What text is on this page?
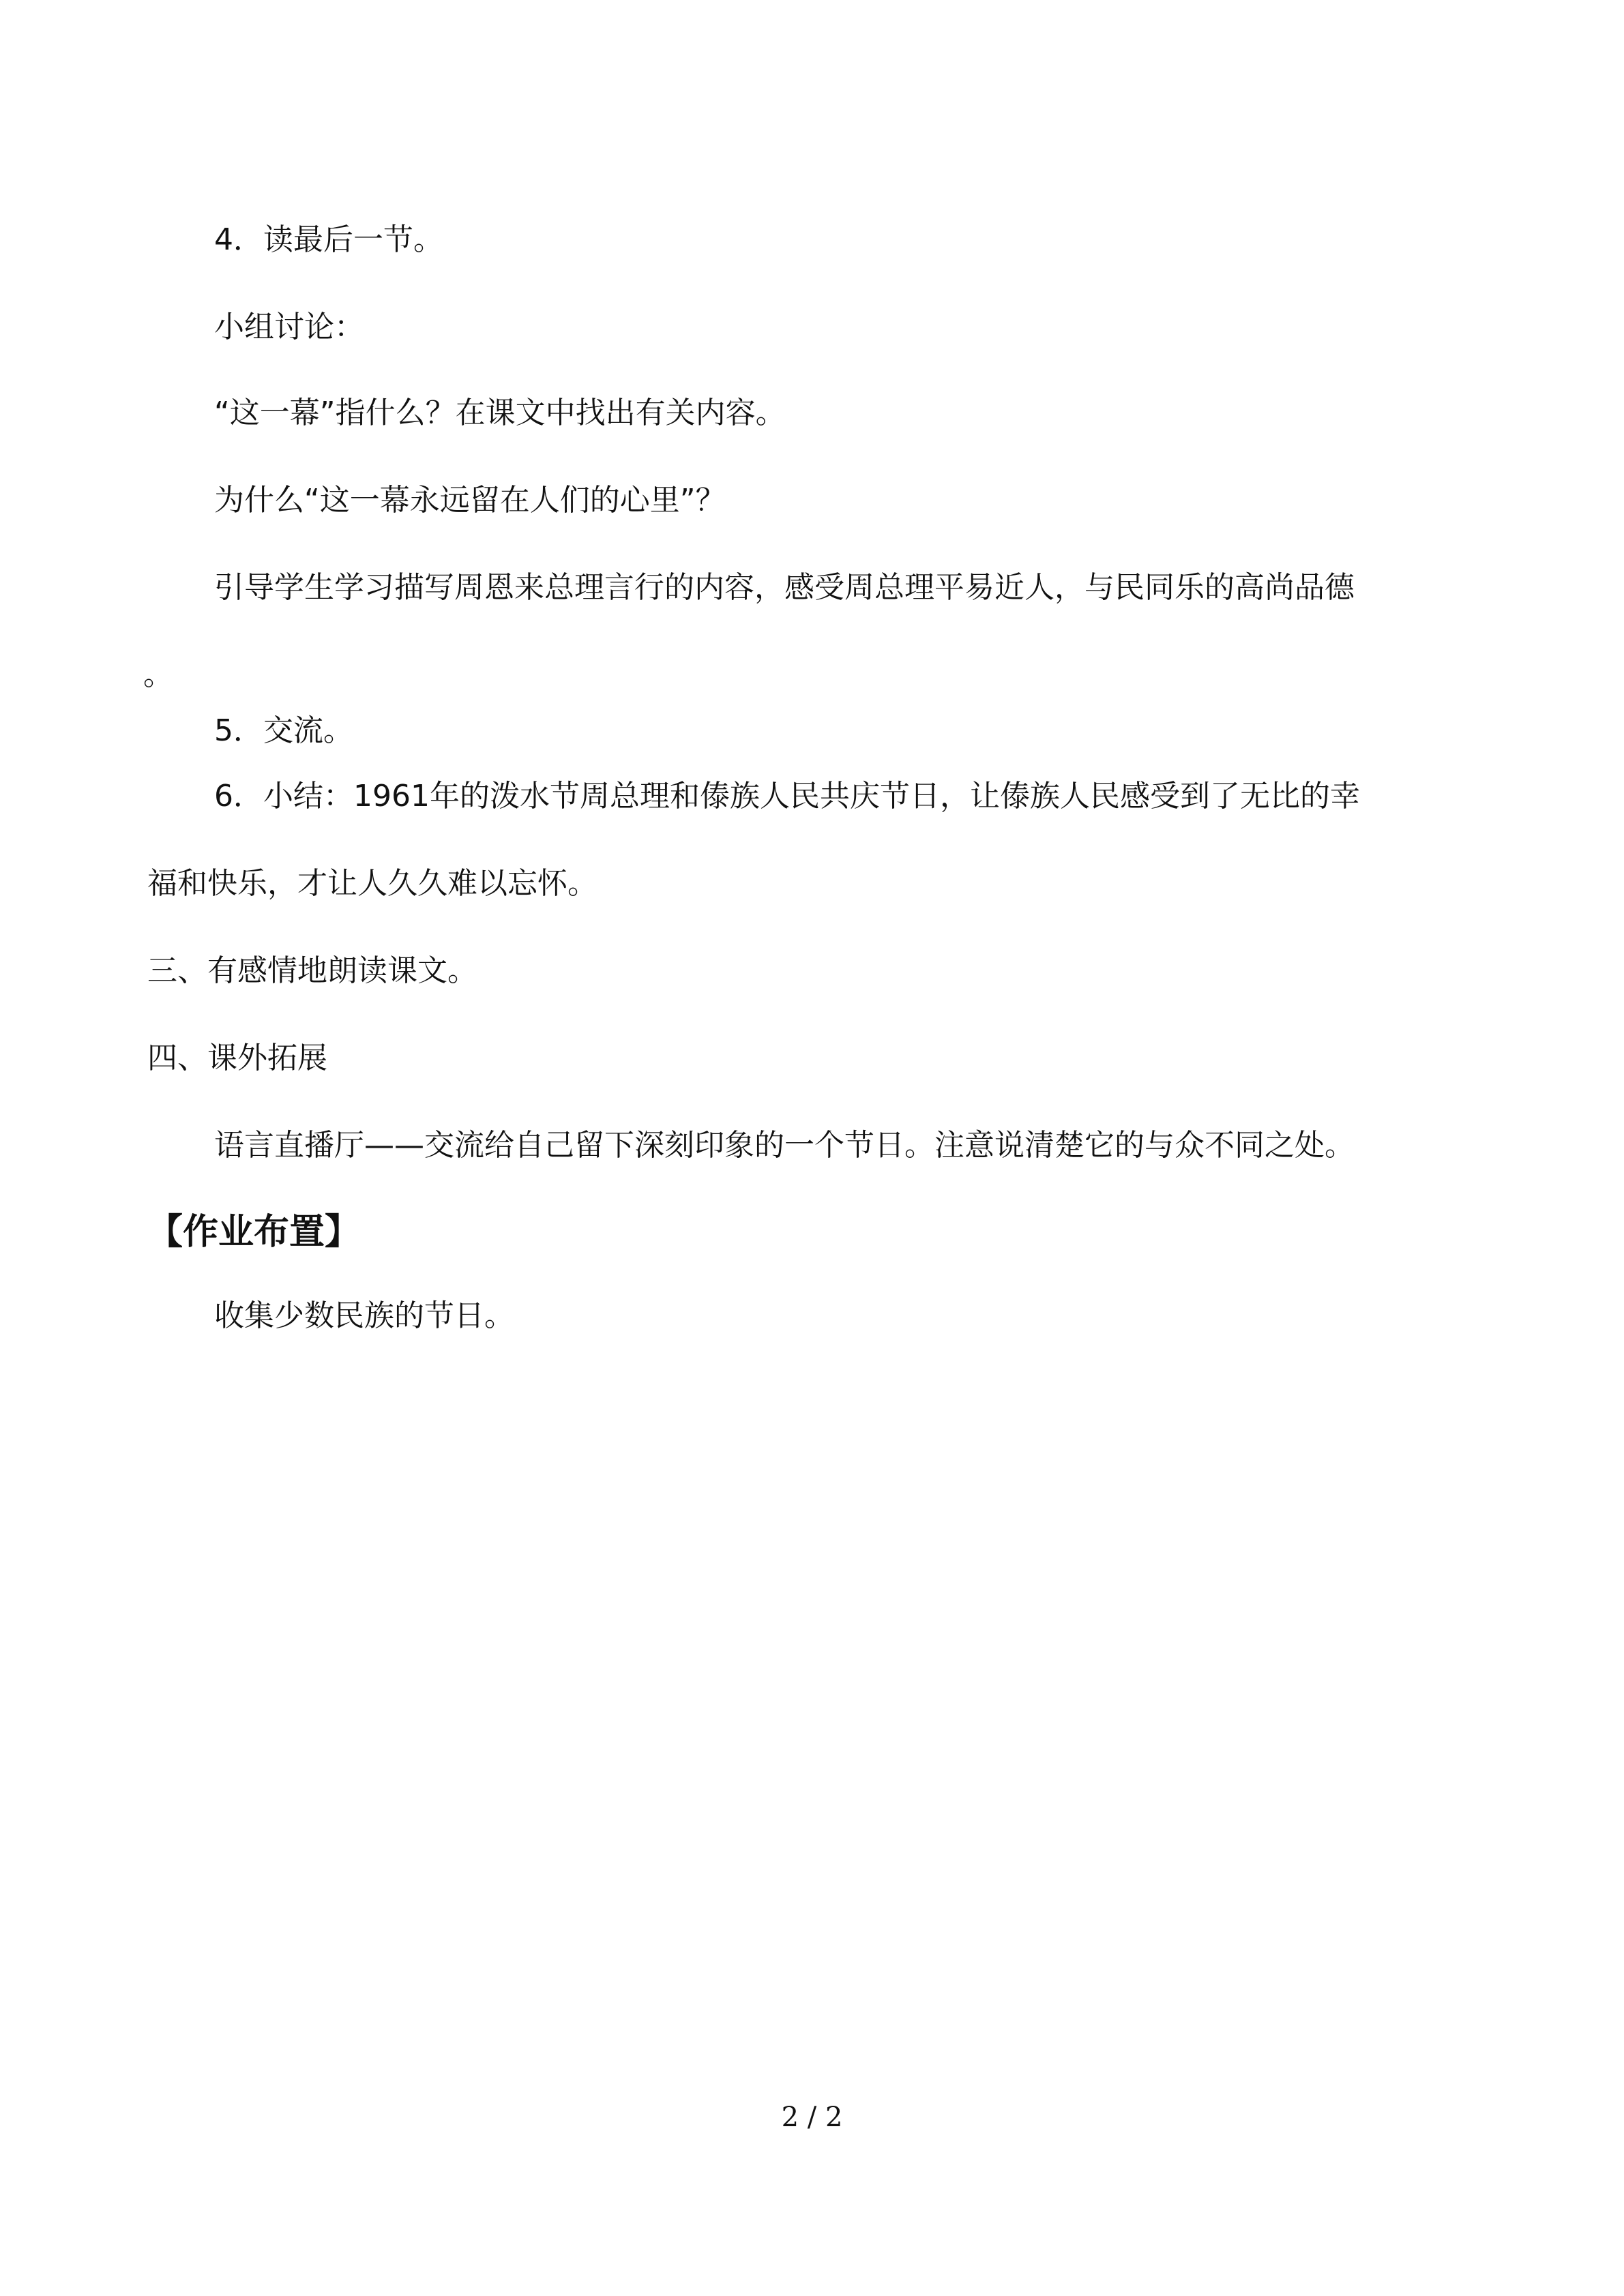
4．读最后一节。
小组讨论：
“这一幕”指什么？在课文中找出有关内容。
为什么“这一幕永远留在人们的心里”？
引导学生学习描写周恩来总理言行的内容，感受周总理平易近人，与民同乐的高尚品德
。
5．交流。
6．小结：1961年的泼水节周总理和傣族人民共庆节日，让傣族人民感受到了无比的幸
福和快乐，才让人久久难以忘怀。
三、有感情地朗读课文。
四、课外拓展
语言直播厅——交流给自己留下深刻印象的一个节日。注意说清楚它的与众不同之处。
【作业布置】
收集少数民族的节日。
2 / 2
